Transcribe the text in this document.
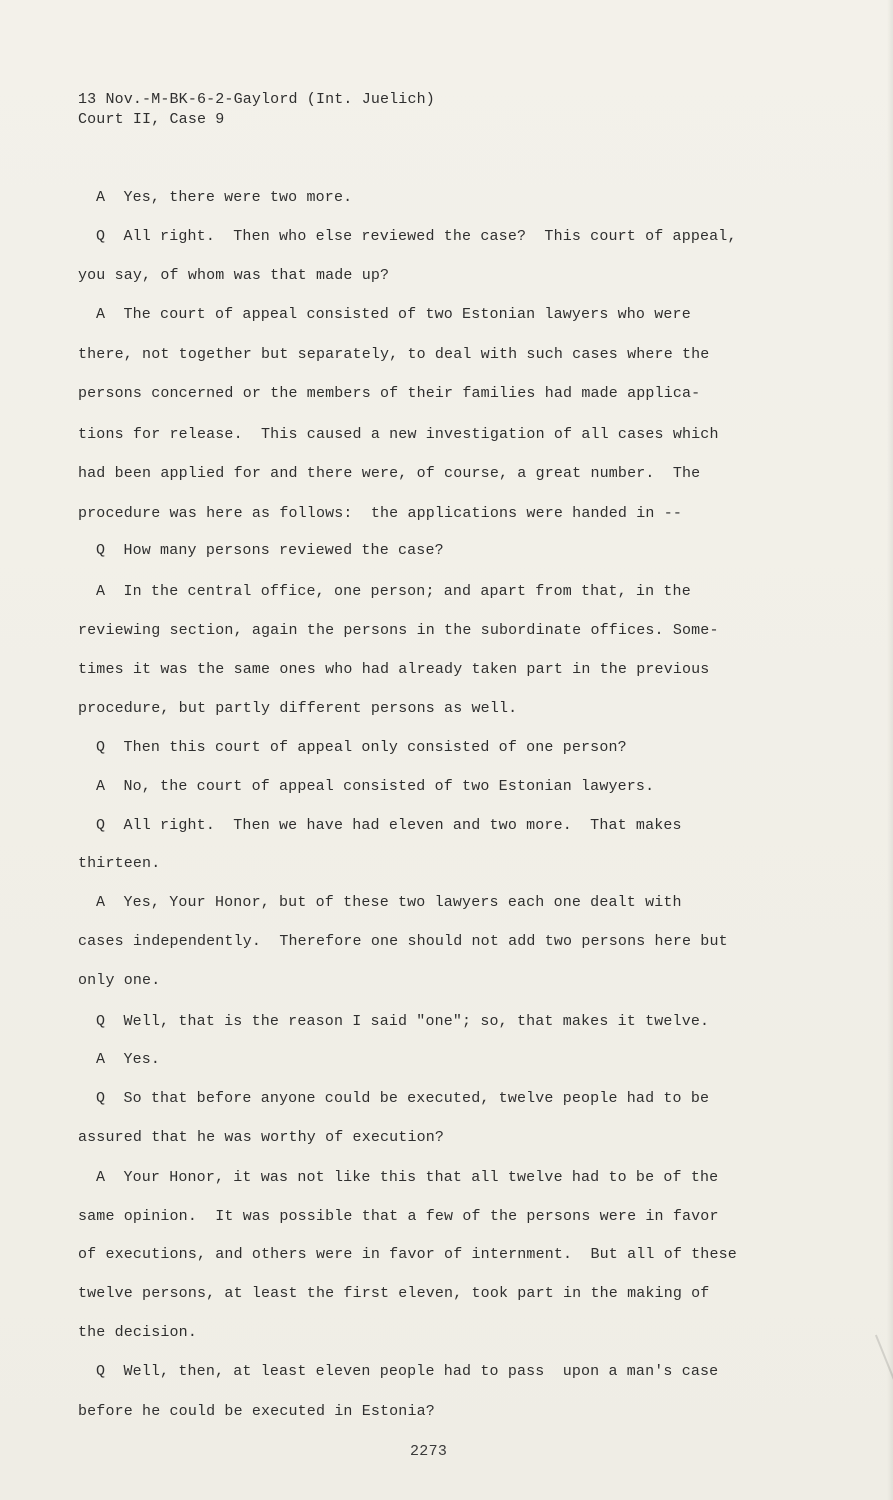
13 Nov.-M-BK-6-2-Gaylord (Int. Juelich)
Court II, Case 9
A  Yes, there were two more.
Q  All right.  Then who else reviewed the case?  This court of appeal,
you say, of whom was that made up?
A  The court of appeal consisted of two Estonian lawyers who were
there, not together but separately, to deal with such cases where the
persons concerned or the members of their families had made applica-
tions for release.  This caused a new investigation of all cases which
had been applied for and there were, of course, a great number.  The
procedure was here as follows:  the applications were handed in --
Q  How many persons reviewed the case?
A  In the central office, one person; and apart from that, in the
reviewing section, again the persons in the subordinate offices. Some-
times it was the same ones who had already taken part in the previous
procedure, but partly different persons as well.
Q  Then this court of appeal only consisted of one person?
A  No, the court of appeal consisted of two Estonian lawyers.
Q  All right.  Then we have had eleven and two more.  That makes
thirteen.
A  Yes, Your Honor, but of these two lawyers each one dealt with
cases independently.  Therefore one should not add two persons here but
only one.
Q  Well, that is the reason I said "one"; so, that makes it twelve.
A  Yes.
Q  So that before anyone could be executed, twelve people had to be
assured that he was worthy of execution?
A  Your Honor, it was not like this that all twelve had to be of the
same opinion.  It was possible that a few of the persons were in favor
of executions, and others were in favor of internment.  But all of these
twelve persons, at least the first eleven, took part in the making of
the decision.
Q  Well, then, at least eleven people had to pass  upon a man's case
before he could be executed in Estonia?
2273
